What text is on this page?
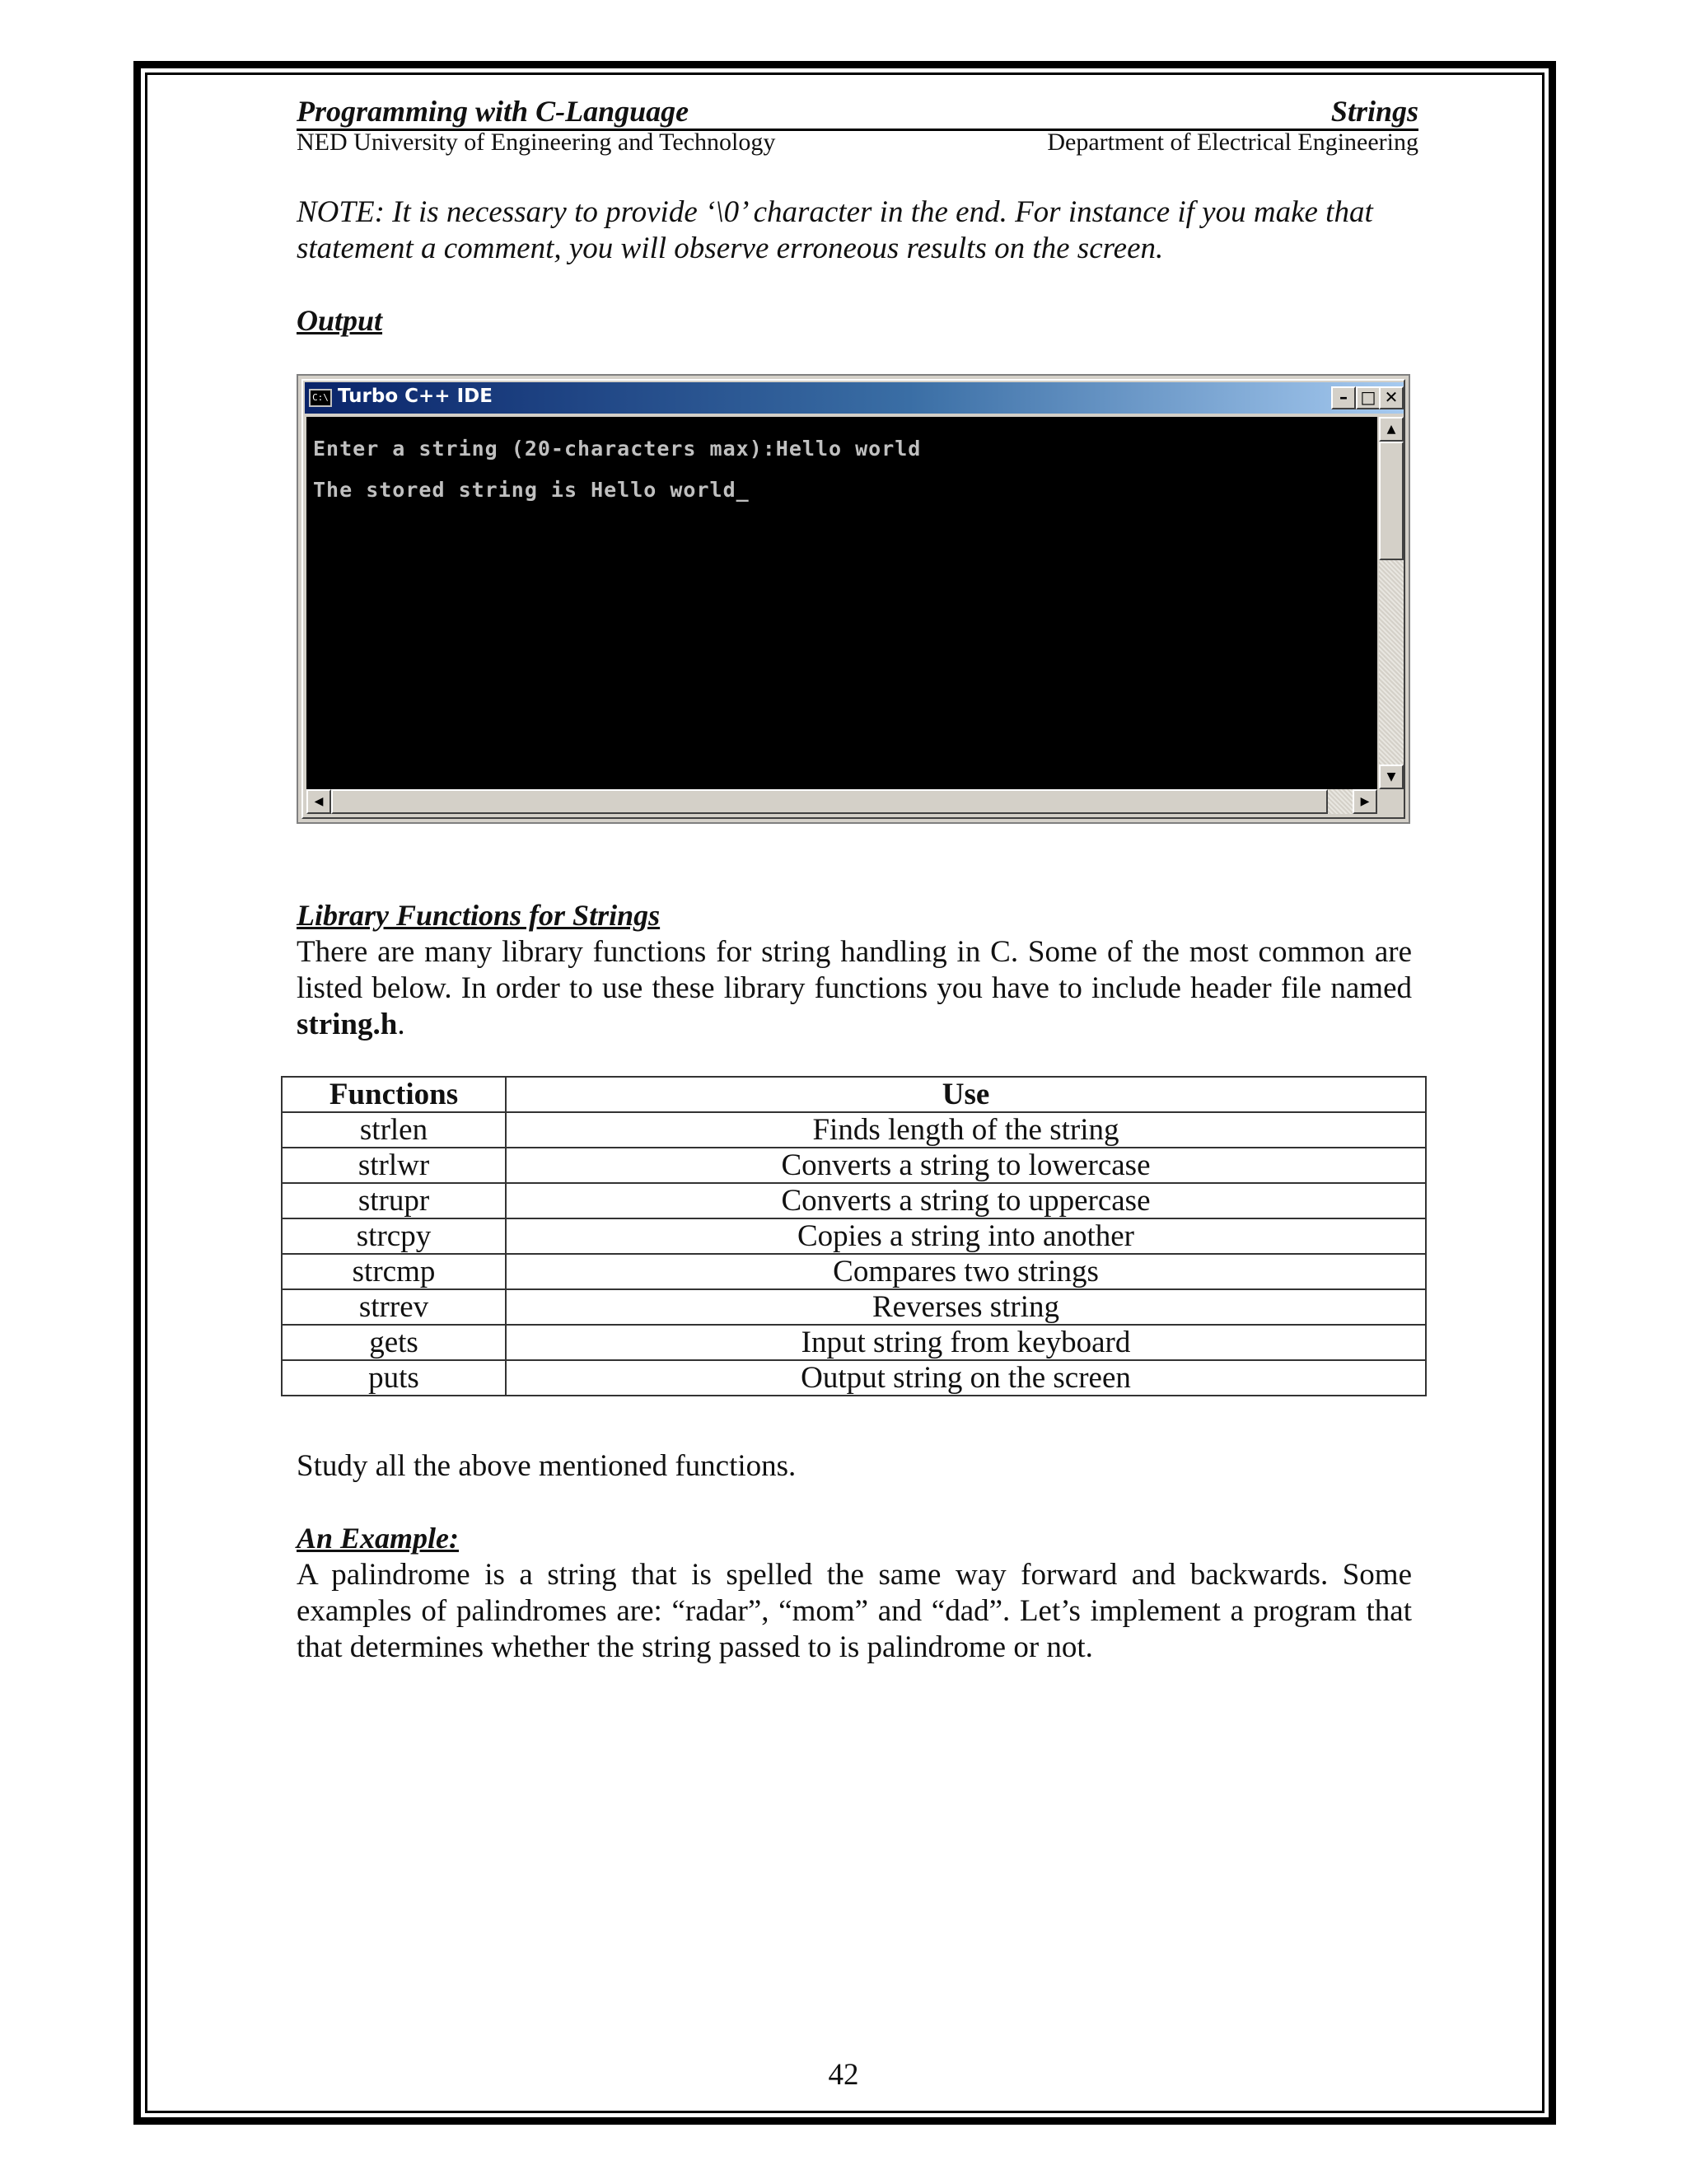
Programming with C-Language	Strings
NED University of Engineering and Technology	Department of Electrical Engineering
NOTE: It is necessary to provide ‘\0’ character in the end. For instance if you make that statement a comment, you will observe erroneous results on the screen.
Output
C:\ Turbo C++ IDE	– □ ✕
Enter a string (20-characters max):Hello world
The stored string is Hello world_
▲
▼
◀	▶
Library Functions for Strings
There are many library functions for string handling in C. Some of the most common are listed below. In order to use these library functions you have to include header file named string.h.
Functions	Use
strlen	Finds length of the string
strlwr	Converts a string to lowercase
strupr	Converts a string to uppercase
strcpy	Copies a string into another
strcmp	Compares two strings
strrev	Reverses string
gets	Input string from keyboard
puts	Output string on the screen
Study all the above mentioned functions.
An Example:
A palindrome is a string that is spelled the same way forward and backwards. Some examples of palindromes are: “radar”, “mom” and “dad”. Let’s implement a program that that determines whether the string passed to is palindrome or not.
42
